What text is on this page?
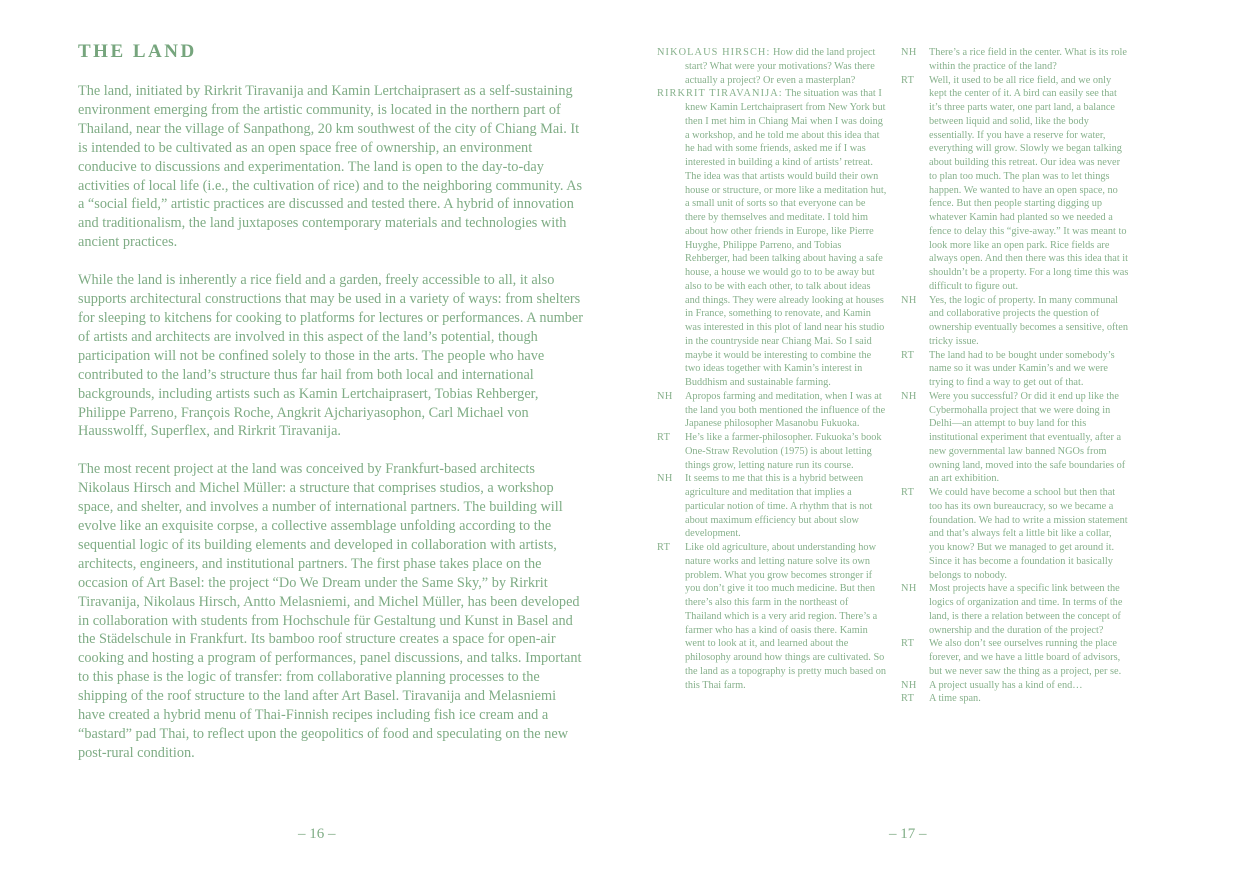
THE LAND

The land, initiated by Rirkrit Tiravanija and Kamin Lertchaiprasert as a self-sustaining environment emerging from the artistic community, is located in the northern part of Thailand, near the village of Sanpathong, 20 km southwest of the city of Chiang Mai. It is intended to be cultivated as an open space free of ownership, an environment conducive to discussions and experimentation. The land is open to the day-to-day activities of local life (i.e., the cultivation of rice) and to the neighboring community. As a “social field,” artistic practices are discussed and tested there. A hybrid of innovation and traditionalism, the land juxtaposes contemporary materials and technologies with ancient practices.

While the land is inherently a rice field and a garden, freely accessible to all, it also supports architectural constructions that may be used in a variety of ways: from shelters for sleeping to kitchens for cooking to platforms for lectures or performances. A number of artists and architects are involved in this aspect of the land’s potential, though participation will not be confined solely to those in the arts. The people who have contributed to the land’s structure thus far hail from both local and international backgrounds, including artists such as Kamin Lertchaiprasert, Tobias Rehberger, Philippe Parreno, François Roche, Angkrit Ajchariyasophon, Carl Michael von Hausswolff, Superflex, and Rirkrit Tiravanija.

The most recent project at the land was conceived by Frankfurt-based architects Nikolaus Hirsch and Michel Müller: a structure that comprises studios, a workshop space, and shelter, and involves a number of international partners. The building will evolve like an exquisite corpse, a collective assemblage unfolding according to the sequential logic of its building elements and developed in collaboration with artists, architects, engineers, and institutional partners. The first phase takes place on the occasion of Art Basel: the project “Do We Dream under the Same Sky,” by Rirkrit Tiravanija, Nikolaus Hirsch, Antto Melasniemi, and Michel Müller, has been developed in collaboration with students from Hochschule für Gestaltung und Kunst in Basel and the Städelschule in Frankfurt. Its bamboo roof structure creates a space for open-air cooking and hosting a program of performances, panel discussions, and talks. Important to this phase is the logic of transfer: from collaborative planning processes to the shipping of the roof structure to the land after Art Basel. Tiravanija and Melasniemi have created a hybrid menu of Thai-Finnish recipes including fish ice cream and a “bastard” pad Thai, to reflect upon the geopolitics of food and speculating on the new post-rural condition.

– 16 –
NIKOLAUS HIRSCH: How did the land project start? What were your motivations? Was there actually a project? Or even a masterplan?
RIRKRIT TIRAVANIJA: The situation was that I knew Kamin Lertchaiprasert from New York but then I met him in Chiang Mai when I was doing a workshop, and he told me about this idea that he had with some friends, asked me if I was interested in building a kind of artists’ retreat. The idea was that artists would build their own house or structure, or more like a meditation hut, a small unit of sorts so that everyone can be there by themselves and meditate. I told him about how other friends in Europe, like Pierre Huyghe, Philippe Parreno, and Tobias Rehberger, had been talking about having a safe house, a house we would go to to be away but also to be with each other, to talk about ideas and things. They were already looking at houses in France, something to renovate, and Kamin was interested in this plot of land near his studio in the countryside near Chiang Mai. So I said maybe it would be interesting to combine the two ideas together with Kamin’s interest in Buddhism and sustainable farming.
NH Apropos farming and meditation, when I was at the land you both mentioned the influence of the Japanese philosopher Masanobu Fukuoka.
RT He’s like a farmer-philosopher. Fukuoka’s book One-Straw Revolution (1975) is about letting things grow, letting nature run its course.
NH It seems to me that this is a hybrid between agriculture and meditation that implies a particular notion of time. A rhythm that is not about maximum efficiency but about slow development.
RT Like old agriculture, about understanding how nature works and letting nature solve its own problem. What you grow becomes stronger if you don’t give it too much medicine. But then there’s also this farm in the northeast of Thailand which is a very arid region. There’s a farmer who has a kind of oasis there. Kamin went to look at it, and learned about the philosophy around how things are cultivated. So the land as a topography is pretty much based on this Thai farm.
NH There’s a rice field in the center. What is its role within the practice of the land?
RT Well, it used to be all rice field, and we only kept the center of it. A bird can easily see that it’s three parts water, one part land, a balance between liquid and solid, like the body essentially. If you have a reserve for water, everything will grow. Slowly we began talking about building this retreat. Our idea was never to plan too much. The plan was to let things happen. We wanted to have an open space, no fence. But then people starting digging up whatever Kamin had planted so we needed a fence to delay this “give-away.” It was meant to look more like an open park. Rice fields are always open. And then there was this idea that it shouldn’t be a property. For a long time this was difficult to figure out.
NH Yes, the logic of property. In many communal and collaborative projects the question of ownership eventually becomes a sensitive, often tricky issue.
RT The land had to be bought under somebody’s name so it was under Kamin’s and we were trying to find a way to get out of that.
NH Were you successful? Or did it end up like the Cybermohalla project that we were doing in Delhi—an attempt to buy land for this institutional experiment that eventually, after a new governmental law banned NGOs from owning land, moved into the safe boundaries of an art exhibition.
RT We could have become a school but then that too has its own bureaucracy, so we became a foundation. We had to write a mission statement and that’s always felt a little bit like a collar, you know? But we managed to get around it. Since it has become a foundation it basically belongs to nobody.
NH Most projects have a specific link between the logics of organization and time. In terms of the land, is there a relation between the concept of ownership and the duration of the project?
RT We also don’t see ourselves running the place forever, and we have a little board of advisors, but we never saw the thing as a project, per se.
NH A project usually has a kind of end…
RT A time span.
– 17 –
